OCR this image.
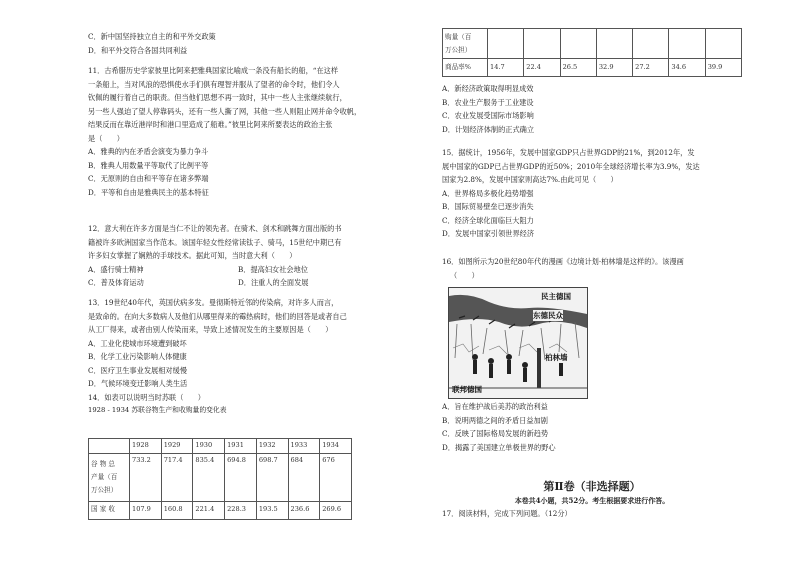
C．新中国坚持独立自主的和平外交政策
D．和平外交符合各国共同利益
11．古希腊历史学家彼里比阿来把雅典国家比喻成一条没有船长的船，“在这样
一条船上，当对风浪的恐惧使水手们俱有理智并服从了望者的命令时，他们令人
钦佩的履行着自己的职责。但当他们思想不再一致时，其中一些人主张继续航行，
另一些人强迫了望人停靠码头，还有一些人撕了网，其他一些人则阻止网并命令收帆，
结果反而在靠近港岸时和港口里造成了船难。”彼里比阿来所要表达的政治主张
是（　　）
A．雅典的内在矛盾会演变为暴力争斗
B．雅典人用数量平等取代了比例平等
C．无原则的自由和平等存在诸多弊端
D．平等和自由是雅典民主的基本特征
12．意大利在许多方面是当仁不让的领先者。在骑术、剑术和跳舞方面出版的书
籍被许多欧洲国家当作范本。该国年轻女性经常读钛子、骑马，15世纪中期已有
许多妇女掌握了娴熟的手球技术。据此可知，当时意大利（　　）
A．盛行骑士精神	B．提高妇女社会地位
C．普及体育运动	D．注重人的全面发展
13．19世纪40年代，英国伏病多发。曼彻斯特近邻的传染病，对许多人而言，
是致命的。在向大多数病人及他们从哪里得来的霉热病时，他们的回答是或者自己
从工厂得来，或者由别人传染而来，导致上述情况发生的主要原因是（　　）
A．工业化使城市环境遭到破坏
B．化学工业污染影响人体健康
C．医疗卫生事业发展相对缓慢
D．气候环境变迁影响人类生活
14．如表可以说明当时苏联（　　）
1928 - 1934 苏联谷物生产和收购量的变化表
	1928	1929	1930	1931	1932	1933	1934

谷 物 总
产量（百
万公担）	733.2	717.4	835.4	694.8	698.7	684	676
国 家 收	107.9	160.8	221.4	228.3	193.5	236.6	269.6
购量（百
万公担）							

商品率%	14.7	22.4	26.5	32.9	27.2	34.6	39.9
A．新经济政策取得明显成效
B．农业生产服务于工业建设
C．农业发展受国际市场影响
D．计划经济体制的正式确立
15．据统计，1956年，发展中国家GDP只占世界GDP的21%，到2012年，发
展中国家的GDP已占世界GDP的近50%；2010年全球经济增长率为3.9%，发达
国家为2.8%，发展中国家则高达7%.由此可见（　　）
A．世界格局多极化趋势增强
B．国际贸易壁垒已逐步消失
C．经济全球化面临巨大阻力
D．发展中国家引领世界经济
16．如图所示为20世纪80年代的漫画《边境计划·柏林墙是这样的》。该漫画
（　　）
A．旨在维护战后美苏的政治利益
B．说明两德之间的矛盾日益加剧
C．反映了国际格局发展的新趋势
D．揭露了美国建立单极世界的野心
第Ⅱ卷（非选择题）
本卷共4小题，共52分。考生根据要求进行作答。
17．阅读材料，完成下列问题。（12分）
民主德国
东德民众
柏林墙
联邦德国
